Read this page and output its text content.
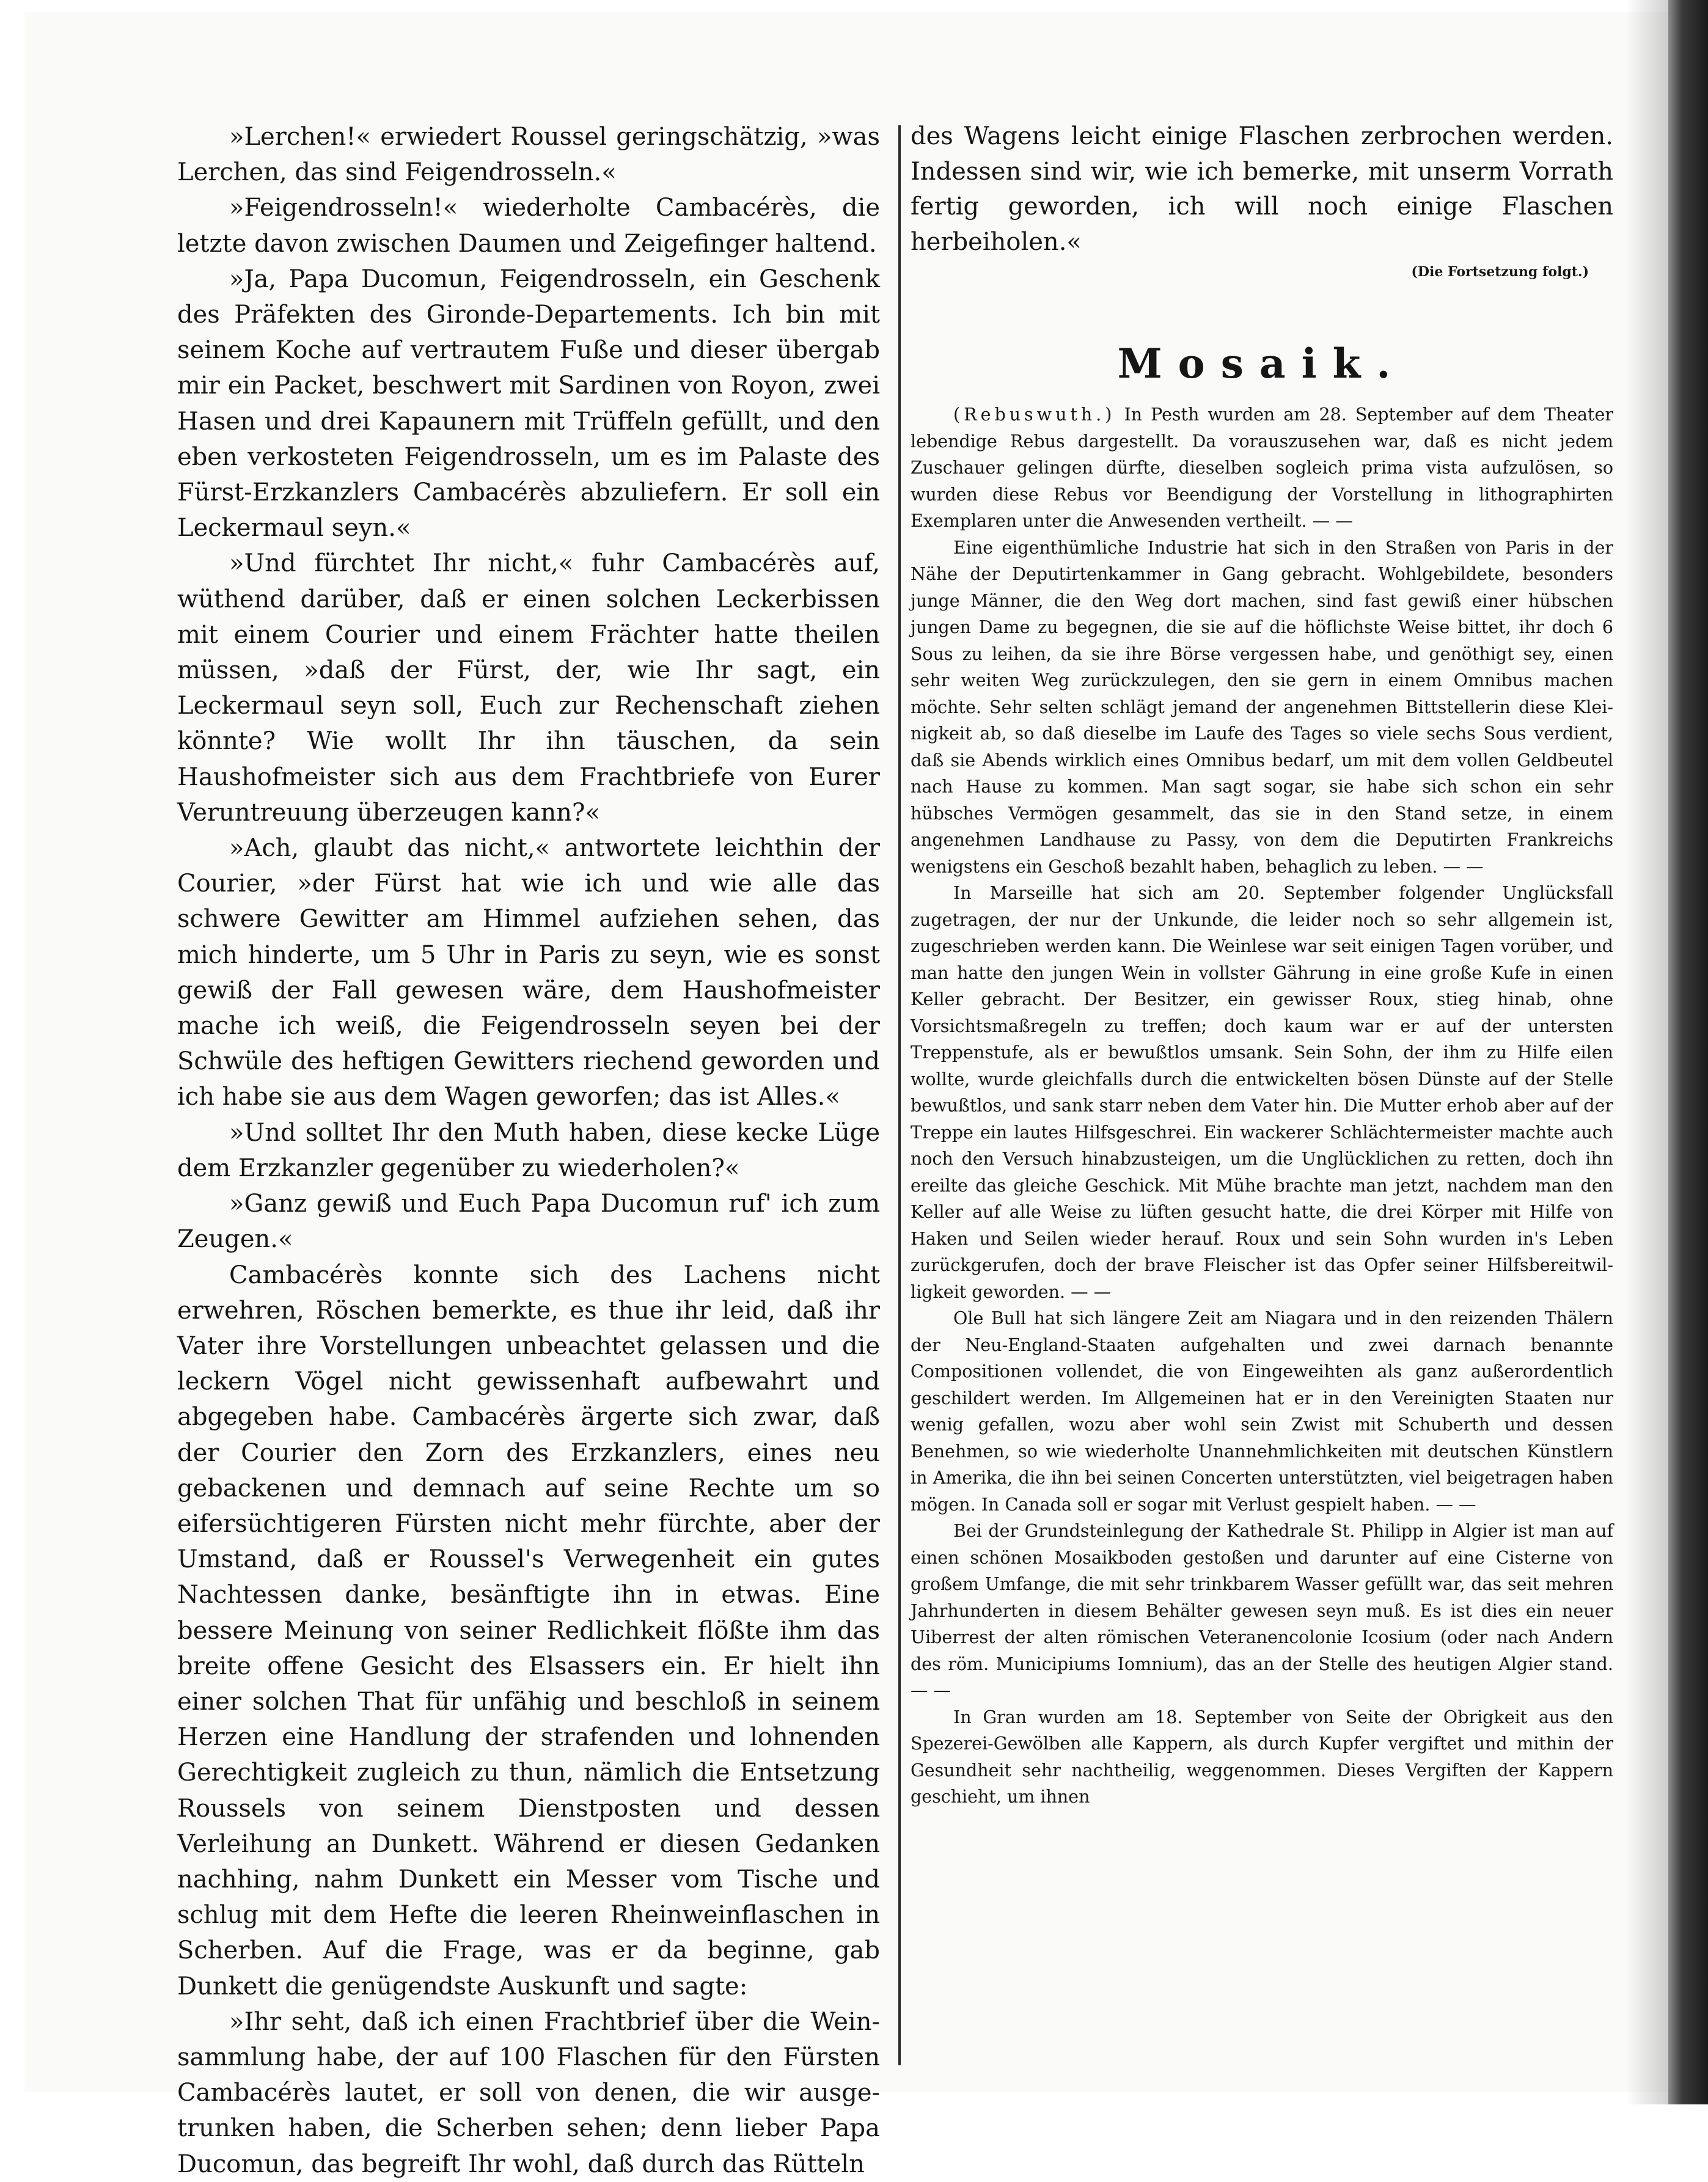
»Lerchen!« erwiedert Roussel geringschätzig, »was Lerchen, das sind Feigendrosseln.«

»Feigendrosseln!« wiederholte Cambacérès, die letzte davon zwischen Daumen und Zeigefinger haltend.

»Ja, Papa Ducomun, Feigendrosseln, ein Geschenk des Präfekten des Gironde-Departements. Ich bin mit seinem Koche auf vertrautem Fuße und dieser übergab mir ein Packet, beschwert mit Sardinen von Royon, zwei Hasen und drei Kapaunern mit Trüffeln gefüllt, und den eben verkosteten Feigendrosseln, um es im Palaste des Fürst-Erzkanzlers Cambacérès abzuliefern. Er soll ein Leckermaul seyn.«

»Und fürchtet Ihr nicht,« fuhr Cambacérès auf, wüthend darüber, daß er einen solchen Leckerbissen mit einem Courier und einem Frächter hatte theilen müssen, »daß der Fürst, der, wie Ihr sagt, ein Leckermaul seyn soll, Euch zur Rechenschaft ziehen könnte? Wie wollt Ihr ihn täuschen, da sein Haushofmeister sich aus dem Frachtbriefe von Eurer Veruntreuung überzeugen kann?«

»Ach, glaubt das nicht,« antwortete leichthin der Courier, »der Fürst hat wie ich und wie alle das schwere Gewitter am Himmel aufziehen sehen, das mich hinderte, um 5 Uhr in Paris zu seyn, wie es sonst gewiß der Fall gewesen wäre, dem Haushofmeister mache ich weiß, die Feigendrosseln seyen bei der Schwüle des heftigen Gewitters riechend geworden und ich habe sie aus dem Wagen geworfen; das ist Alles.«

»Und solltet Ihr den Muth haben, diese kecke Lüge dem Erzkanzler gegenüber zu wiederholen?«

»Ganz gewiß und Euch Papa Ducomun ruf' ich zum Zeugen.«

Cambacérès konnte sich des Lachens nicht erwehren, Röschen bemerkte, es thue ihr leid, daß ihr Vater ihre Vorstellungen unbeachtet gelassen und die leckern Vögel nicht gewissenhaft aufbewahrt und abgegeben habe. Cambacérès ärgerte sich zwar, daß der Courier den Zorn des Erzkanzlers, eines neu gebackenen und demnach auf seine Rechte um so eifersüchtigeren Fürsten nicht mehr fürchte, aber der Umstand, daß er Roussel's Verwegenheit ein gutes Nachtessen danke, besänftigte ihn in etwas. Eine bessere Meinung von seiner Redlichkeit flößte ihm das breite offene Gesicht des Elsassers ein. Er hielt ihn einer solchen That für unfähig und beschloß in seinem Herzen eine Handlung der strafenden und lohnenden Gerechtigkeit zugleich zu thun, nämlich die Entsetzung Roussels von seinem Dienstposten und dessen Verleihung an Dunkett. Während er diesen Gedanken nachhing, nahm Dunkett ein Messer vom Tische und schlug mit dem Hefte die leeren Rheinweinflaschen in Scherben. Auf die Frage, was er da beginne, gab Dunkett die genügendste Auskunft und sagte:

»Ihr seht, daß ich einen Frachtbrief über die Weinsammlung habe, der auf 100 Flaschen für den Fürsten Cambacérès lautet, er soll von denen, die wir ausgetrunken haben, die Scherben sehen; denn lieber Papa Ducomun, das begreift Ihr wohl, daß durch das Rütteln

des Wagens leicht einige Flaschen zerbrochen werden. Indessen sind wir, wie ich bemerke, mit unserm Vorrath fertig geworden, ich will noch einige Flaschen herbeiholen.«

(Die Fortsetzung folgt.)
Mosaik.

(Rebuswuth.) In Pesth wurden am 28. September auf dem Theater lebendige Rebus dargestellt. Da vorauszusehen war, daß es nicht jedem Zuschauer gelingen dürfte, dieselben sogleich prima vista aufzulösen, so wurden diese Rebus vor Beendigung der Vorstellung in lithographirten Exemplaren unter die Anwesenden vertheilt. — —

Eine eigenthümliche Industrie hat sich in den Straßen von Paris in der Nähe der Deputirtenkammer in Gang gebracht. Wohlgebildete, besonders junge Männer, die den Weg dort machen, sind fast gewiß einer hübschen jungen Dame zu begegnen, die sie auf die höflichste Weise bittet, ihr doch 6 Sous zu leihen, da sie ihre Börse vergessen habe, und genöthigt sey, einen sehr weiten Weg zurückzulegen, den sie gern in einem Omnibus machen möchte. Sehr selten schlägt jemand der angenehmen Bittstellerin diese Kleinigkeit ab, so daß dieselbe im Laufe des Tages so viele sechs Sous verdient, daß sie Abends wirklich eines Omnibus bedarf, um mit dem vollen Geldbeutel nach Hause zu kommen. Man sagt sogar, sie habe sich schon ein sehr hübsches Vermögen gesammelt, das sie in den Stand setze, in einem angenehmen Landhause zu Passy, von dem die Deputirten Frankreichs wenigstens ein Geschoß bezahlt haben, behaglich zu leben. — —

In Marseille hat sich am 20. September folgender Unglücksfall zugetragen, der nur der Unkunde, die leider noch so sehr allgemein ist, zugeschrieben werden kann. Die Weinlese war seit einigen Tagen vorüber, und man hatte den jungen Wein in vollster Gährung in eine große Kufe in einen Keller gebracht. Der Besitzer, ein gewisser Roux, stieg hinab, ohne Vorsichtsmaßregeln zu treffen; doch kaum war er auf der untersten Treppenstufe, als er bewußtlos umsank. Sein Sohn, der ihm zu Hilfe eilen wollte, wurde gleichfalls durch die entwickelten bösen Dünste auf der Stelle bewußtlos, und sank starr neben dem Vater hin. Die Mutter erhob aber auf der Treppe ein lautes Hilfsgeschrei. Ein wackerer Schlächtermeister machte auch noch den Versuch hinabzusteigen, um die Unglücklichen zu retten, doch ihn ereilte das gleiche Geschick. Mit Mühe brachte man jetzt, nachdem man den Keller auf alle Weise zu lüften gesucht hatte, die drei Körper mit Hilfe von Haken und Seilen wieder herauf. Roux und sein Sohn wurden in's Leben zurückgerufen, doch der brave Fleischer ist das Opfer seiner Hilfsbereitwilligkeit geworden. — —

Ole Bull hat sich längere Zeit am Niagara und in den reizenden Thälern der Neu-England-Staaten aufgehalten und zwei darnach benannte Compositionen vollendet, die von Eingeweihten als ganz außerordentlich geschildert werden. Im Allgemeinen hat er in den Vereinigten Staaten nur wenig gefallen, wozu aber wohl sein Zwist mit Schuberth und dessen Benehmen, so wie wiederholte Unannehmlichkeiten mit deutschen Künstlern in Amerika, die ihn bei seinen Concerten unterstützten, viel beigetragen haben mögen. In Canada soll er sogar mit Verlust gespielt haben. — —

Bei der Grundsteinlegung der Kathedrale St. Philipp in Algier ist man auf einen schönen Mosaikboden gestoßen und darunter auf eine Cisterne von großem Umfange, die mit sehr trinkbarem Wasser gefüllt war, das seit mehren Jahrhunderten in diesem Behälter gewesen seyn muß. Es ist dies ein neuer Uiberrest der alten römischen Veteranencolonie Icosium (oder nach Andern des röm. Municipiums Iomnium), das an der Stelle des heutigen Algier stand. — —

In Gran wurden am 18. September von Seite der Obrigkeit aus den Spezerei-Gewölben alle Kappern, als durch Kupfer vergiftet und mithin der Gesundheit sehr nachtheilig, weggenommen. Dieses Vergiften der Kappern geschieht, um ihnen
